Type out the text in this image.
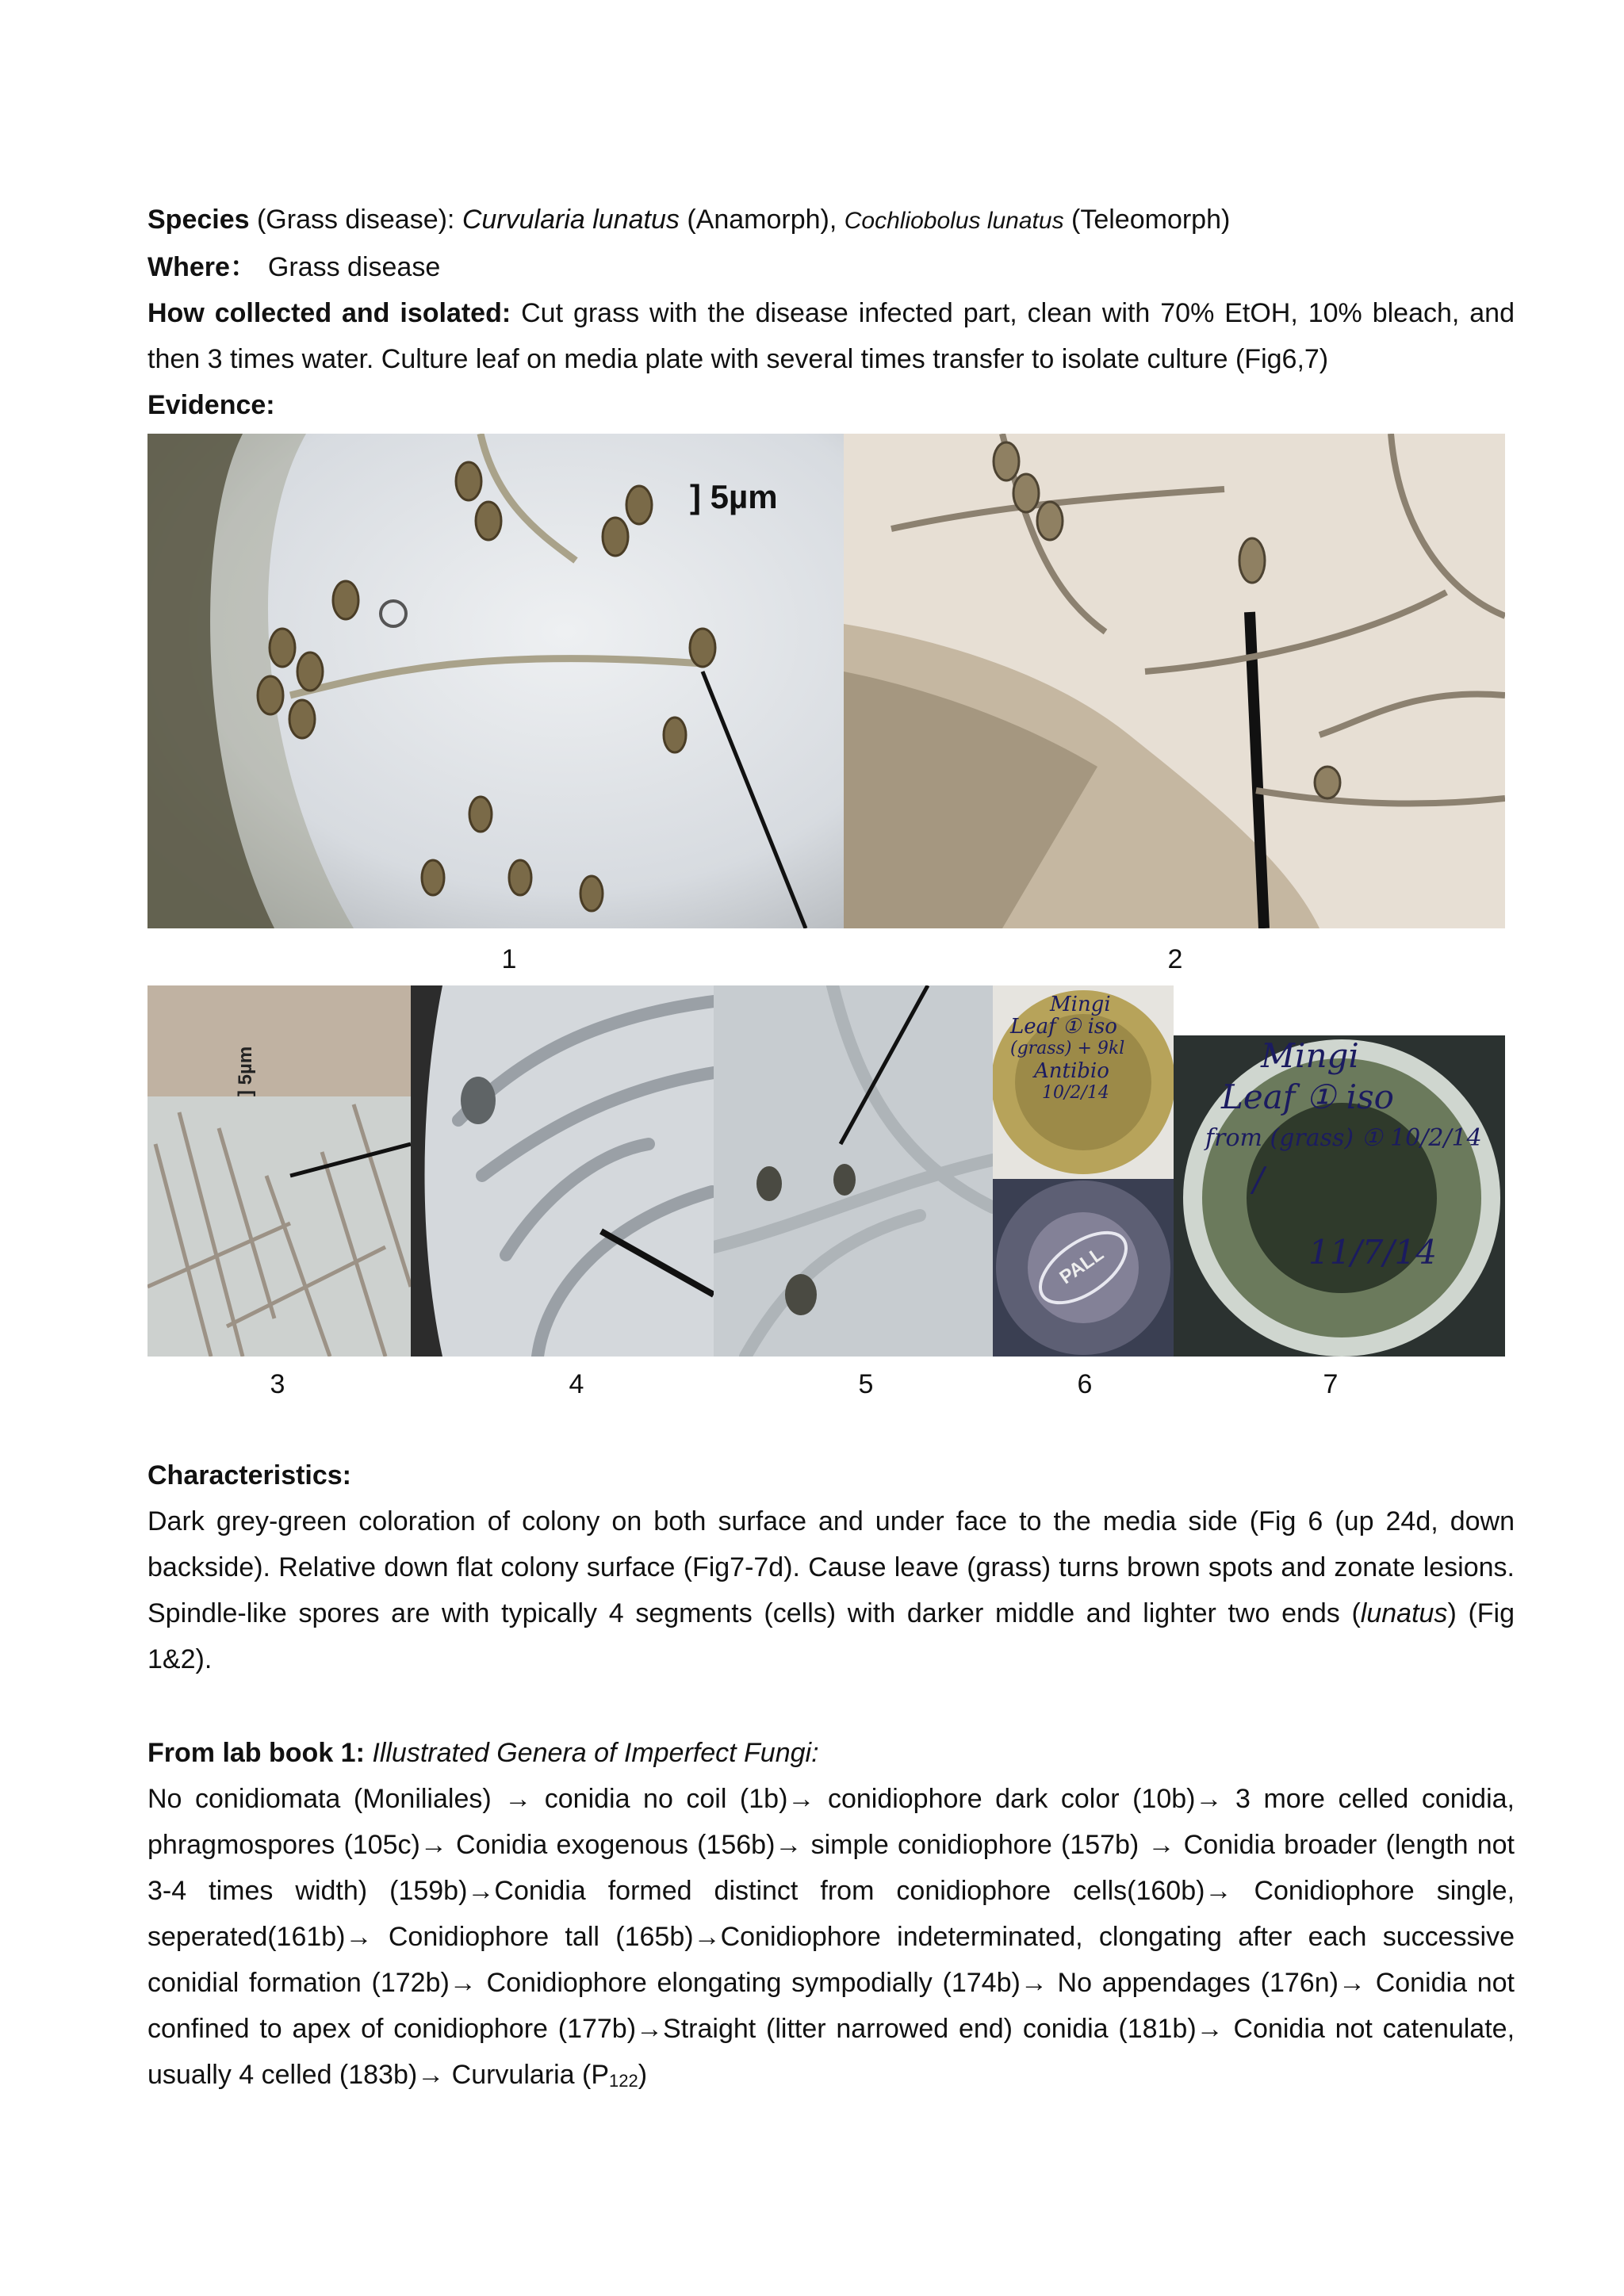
Species (Grass disease): Curvularia lunatus (Anamorph), Cochliobolus lunatus (Teleomorph)
Where： Grass disease
How collected and isolated: Cut grass with the disease infected part, clean with 70% EtOH, 10% bleach, and then 3 times water. Culture leaf on media plate with several times transfer to isolate culture (Fig6,7)
Evidence:
] 5µm
1	2
] 5µm
Mingi
Leaf ① iso
(grass) + 9kl
Antibio
10/2/14
PALL
Mingi
Leaf ① iso
from (grass) ① 10/2/14
/
11/7/14
3	4	5	6	7
Characteristics:
Dark grey-green coloration of colony on both surface and under face to the media side (Fig 6 (up 24d, down backside). Relative down flat colony surface (Fig7-7d). Cause leave (grass) turns brown spots and zonate lesions. Spindle-like spores are with typically 4 segments (cells) with darker middle and lighter two ends (lunatus) (Fig 1&2).
From lab book 1: Illustrated Genera of Imperfect Fungi:
No conidiomata (Moniliales) → conidia no coil (1b)→ conidiophore dark color (10b)→ 3 more celled conidia, phragmospores (105c)→ Conidia exogenous (156b)→ simple conidiophore (157b) → Conidia broader (length not 3-4 times width) (159b)→Conidia formed distinct from conidiophore cells(160b)→ Conidiophore single, seperated(161b)→ Conidiophore tall (165b)→Conidiophore indeterminated, clongating after each successive conidial formation (172b)→ Conidiophore elongating sympodially (174b)→ No appendages (176n)→ Conidia not confined to apex of conidiophore (177b)→Straight (litter narrowed end) conidia (181b)→ Conidia not catenulate, usually 4 celled (183b)→ Curvularia $(P_{122})$
